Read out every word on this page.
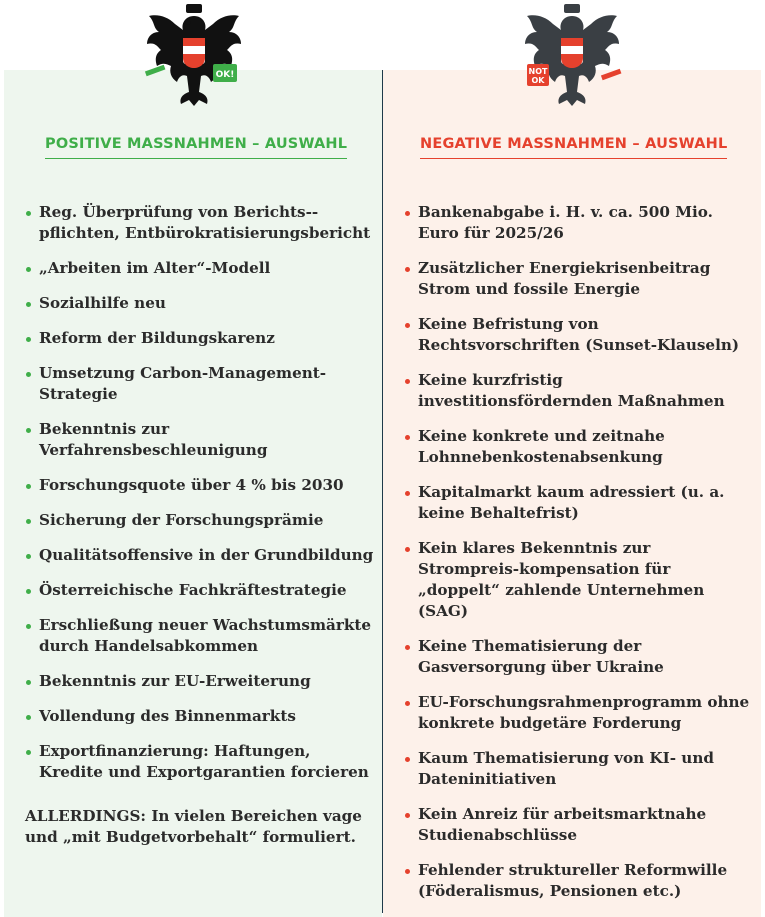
OK!	NOT
OK
POSITIVE MASSNAHMEN – AUSWAHL	NEGATIVE MASSNAHMEN – AUSWAHL
Reg. Überprüfung von Berichts-pflichten, Entbürokratisierungsbericht
„Arbeiten im Alter“-Modell
Sozialhilfe neu
Reform der Bildungskarenz
Umsetzung Carbon-Management-Strategie
Bekenntnis zur Verfahrensbeschleunigung
Forschungsquote über 4 % bis 2030
Sicherung der Forschungsprämie
Qualitätsoffensive in der Grundbildung
Österreichische Fachkräftestrategie
Erschließung neuer Wachstumsmärkte durch Handelsabkommen
Bekenntnis zur EU-Erweiterung
Vollendung des Binnenmarkts
Exportfinanzierung: Haftungen, Kredite und Exportgarantien forcieren
Bankenabgabe i. H. v. ca. 500 Mio. Euro für 2025/26
Zusätzlicher Energiekrisenbeitrag Strom und fossile Energie
Keine Befristung von Rechtsvorschriften (Sunset-Klauseln)
Keine kurzfristig investitionsfördernden Maßnahmen
Keine konkrete und zeitnahe Lohnnebenkostenabsenkung
Kapitalmarkt kaum adressiert (u. a. keine Behaltefrist)
Kein klares Bekenntnis zur Strompreis-kompensation für „doppelt“ zahlende Unternehmen (SAG)
Keine Thematisierung der Gasversorgung über Ukraine
EU-Forschungsrahmenprogramm ohne konkrete budgetäre Forderung
Kaum Thematisierung von KI- und Dateninitiativen
Kein Anreiz für arbeitsmarktnahe Studienabschlüsse
Fehlender struktureller Reformwille (Föderalismus, Pensionen etc.)
ALLERDINGS: In vielen Bereichen vage und „mit Budgetvorbehalt“ formuliert.
